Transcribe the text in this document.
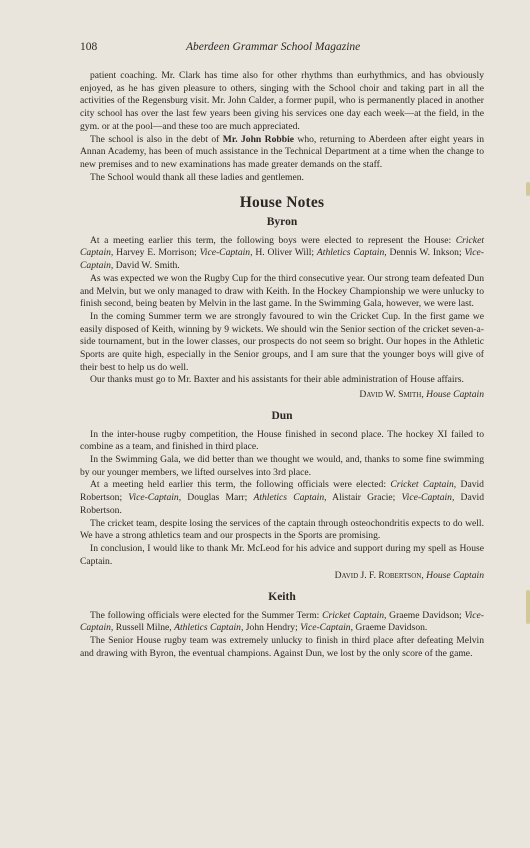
108	Aberdeen Grammar School Magazine

patient coaching. Mr. Clark has time also for other rhythms than eurhythmics, and has obviously enjoyed, as he has given pleasure to others, singing with the School choir and taking part in all the activities of the Regensburg visit. Mr. John Calder, a former pupil, who is permanently placed in another city school has over the last few years been giving his services one day each week—at the field, in the gym. or at the pool—and these too are much appreciated.

The school is also in the debt of Mr. John Robbie who, returning to Aberdeen after eight years in Annan Academy, has been of much assistance in the Technical Department at a time when the change to new premises and to new examinations has made greater demands on the staff.

The School would thank all these ladies and gentlemen.

House Notes
Byron

At a meeting earlier this term, the following boys were elected to represent the House: Cricket Captain, Harvey E. Morrison; Vice-Captain, H. Oliver Will; Athletics Captain, Dennis W. Inkson; Vice-Captain, David W. Smith.

As was expected we won the Rugby Cup for the third consecutive year. Our strong team defeated Dun and Melvin, but we only managed to draw with Keith. In the Hockey Championship we were unlucky to finish second, being beaten by Melvin in the last game. In the Swimming Gala, however, we were last.

In the coming Summer term we are strongly favoured to win the Cricket Cup. In the first game we easily disposed of Keith, winning by 9 wickets. We should win the Senior section of the cricket seven-a-side tournament, but in the lower classes, our prospects do not seem so bright. Our hopes in the Athletic Sports are quite high, especially in the Senior groups, and I am sure that the younger boys will give of their best to help us do well.

Our thanks must go to Mr. Baxter and his assistants for their able administration of House affairs.

David W. Smith, House Captain
Dun

In the inter-house rugby competition, the House finished in second place. The hockey XI failed to combine as a team, and finished in third place.

In the Swimming Gala, we did better than we thought we would, and, thanks to some fine swimming by our younger members, we lifted ourselves into 3rd place.

At a meeting held earlier this term, the following officials were elected: Cricket Captain, David Robertson; Vice-Captain, Douglas Marr; Athletics Captain, Alistair Gracie; Vice-Captain, David Robertson.

The cricket team, despite losing the services of the captain through osteochondritis expects to do well. We have a strong athletics team and our prospects in the Sports are promising.

In conclusion, I would like to thank Mr. McLeod for his advice and support during my spell as House Captain.

David J. F. Robertson, House Captain
Keith

The following officials were elected for the Summer Term: Cricket Captain, Graeme Davidson; Vice-Captain, Russell Milne, Athletics Captain, John Hendry; Vice-Captain, Graeme Davidson.

The Senior House rugby team was extremely unlucky to finish in third place after defeating Melvin and drawing with Byron, the eventual champions. Against Dun, we lost by the only score of the game.
